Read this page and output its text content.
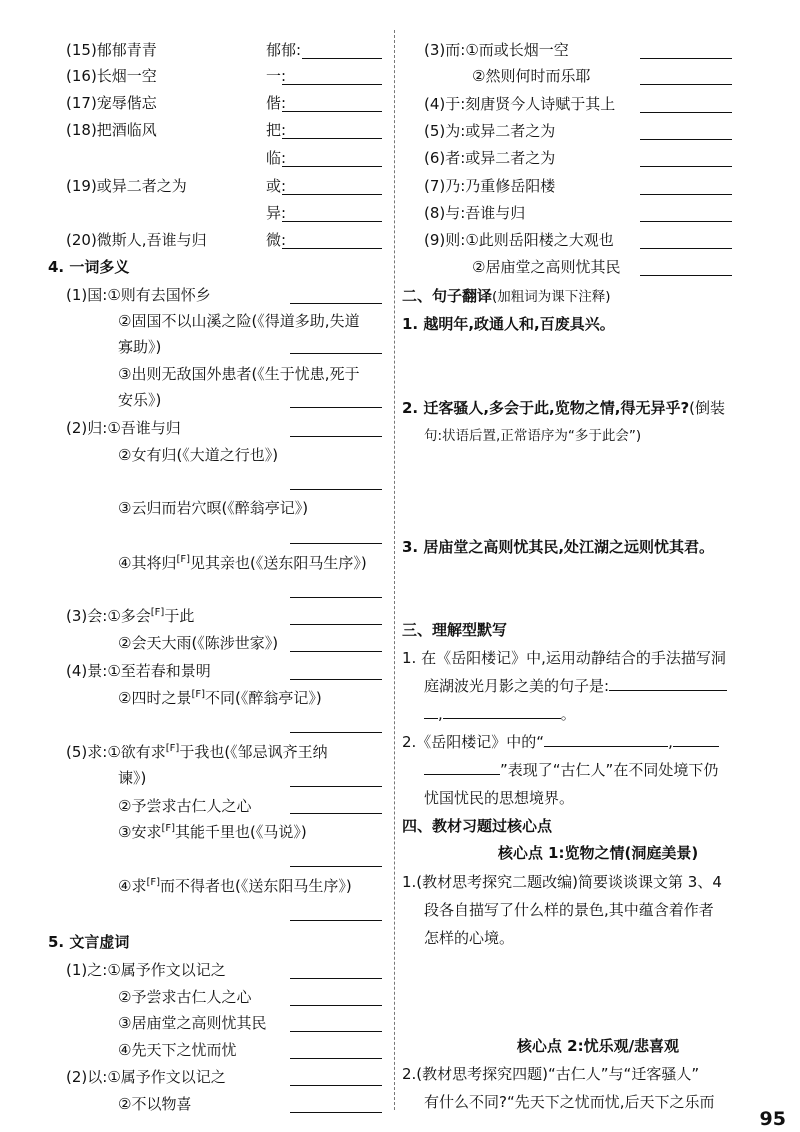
(15)郁郁青青	郁郁:
(16)长烟一空	一:
(17)宠辱偕忘	偕:
(18)把酒临风	把:
临:
(19)或异二者之为	或:
异:
(20)微斯人,吾谁与归	微:
4. 一词多义
(1)国:①则有去国怀乡
②固国不以山溪之险(《得道多助,失道
寡助》)
③出则无敌国外患者(《生于忧患,死于
安乐》)
(2)归:①吾谁与归
②女有归(《大道之行也》)
③云归而岩穴暝(《醉翁亭记》)
④其将归[F]见其亲也(《送东阳马生序》)
(3)会:①多会[F]于此
②会天大雨(《陈涉世家》)
(4)景:①至若春和景明
②四时之景[F]不同(《醉翁亭记》)
(5)求:①欲有求[F]于我也(《邹忌讽齐王纳
谏》)
②予尝求古仁人之心
③安求[F]其能千里也(《马说》)
④求[F]而不得者也(《送东阳马生序》)
5. 文言虚词
(1)之:①属予作文以记之
②予尝求古仁人之心
③居庙堂之高则忧其民
④先天下之忧而忧
(2)以:①属予作文以记之
②不以物喜
(3)而:①而或长烟一空
②然则何时而乐耶
(4)于:刻唐贤今人诗赋于其上
(5)为:或异二者之为
(6)者:或异二者之为
(7)乃:乃重修岳阳楼
(8)与:吾谁与归
(9)则:①此则岳阳楼之大观也
②居庙堂之高则忧其民
二、句子翻译(加粗词为课下注释)
1. 越明年,政通人和,百废具兴。
2. 迁客骚人,多会于此,览物之情,得无异乎?(倒装
句:状语后置,正常语序为“多于此会”)
3. 居庙堂之高则忧其民,处江湖之远则忧其君。
三、理解型默写
1. 在《岳阳楼记》中,运用动静结合的手法描写洞
庭湖波光月影之美的句子是:
,	。
2.《岳阳楼记》中的“	,
”表现了“古仁人”在不同处境下仍
忧国忧民的思想境界。
四、教材习题过核心点
核心点 1:览物之情(洞庭美景)
1.(教材思考探究二题改编)简要谈谈课文第 3、4
段各自描写了什么样的景色,其中蕴含着作者
怎样的心境。
核心点 2:忧乐观/悲喜观
2.(教材思考探究四题)“古仁人”与“迁客骚人”
有什么不同?“先天下之忧而忧,后天下之乐而
95
